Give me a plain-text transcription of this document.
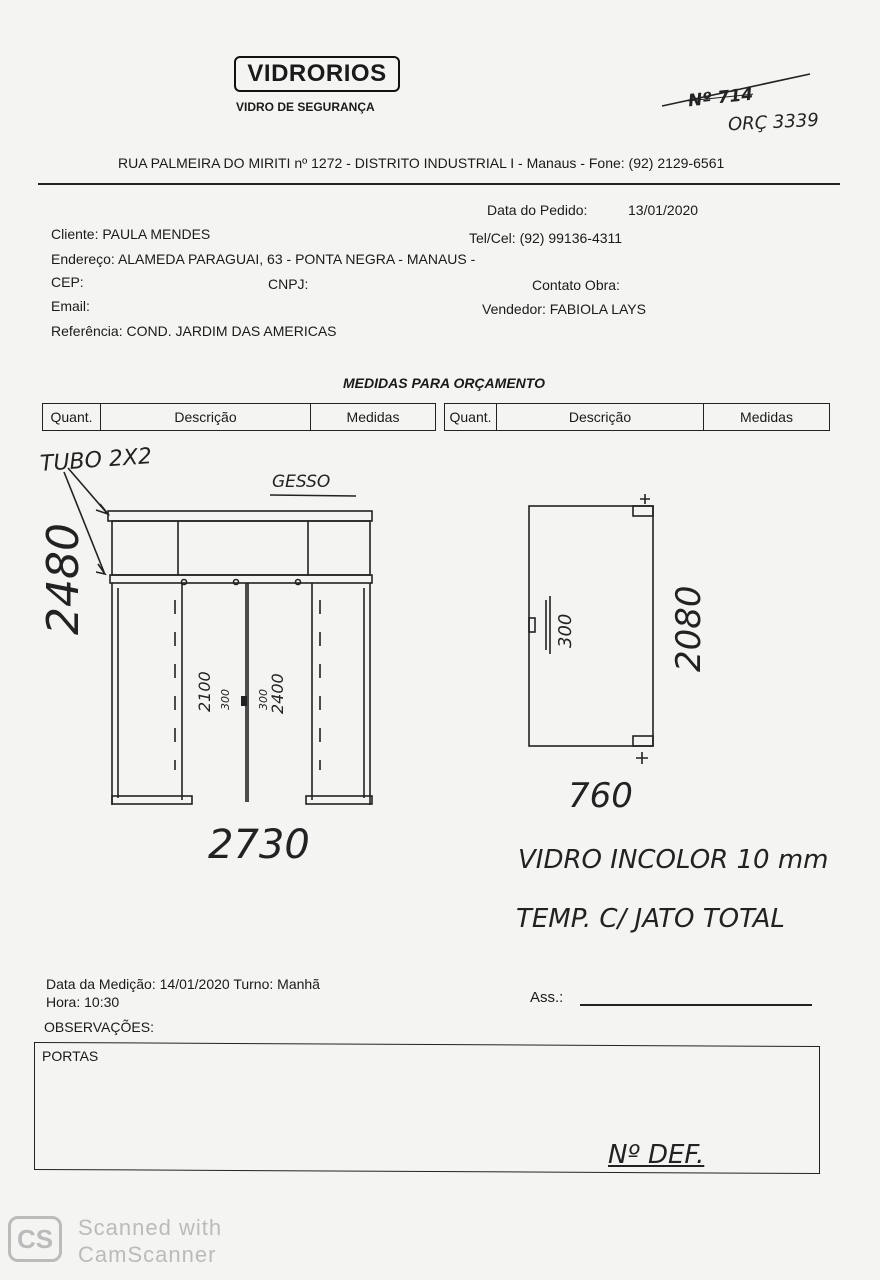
VIDRORIOS
VIDRO DE SEGURANÇA	Nº 714
ORÇ 3339
RUA PALMEIRA DO MIRITI nº 1272 - DISTRITO INDUSTRIAL I - Manaus - Fone: (92) 2129-6561
Data do Pedido:	13/01/2020
Cliente: PAULA MENDES	Tel/Cel: (92) 99136-4311
Endereço: ALAMEDA PARAGUAI, 63 - PONTA NEGRA - MANAUS -
CEP:	CNPJ:	Contato Obra:
Email:	Vendedor: FABIOLA LAYS
Referência: COND. JARDIM DAS AMERICAS
MEDIDAS PARA ORÇAMENTO
Quant.	Descrição	Medidas	Quant.	Descrição	Medidas
TUBO 2X2
GESSO
2480
2100 300 300
2400
2730
300	2080
760
VIDRO INCOLOR 10 mm
TEMP. C/ JATO TOTAL
Data da Medição: 14/01/2020 Turno: Manhã
Hora: 10:30	Ass.:
OBSERVAÇÕES:
PORTAS
Nº DEF.
CS	Scanned with
CamScanner
